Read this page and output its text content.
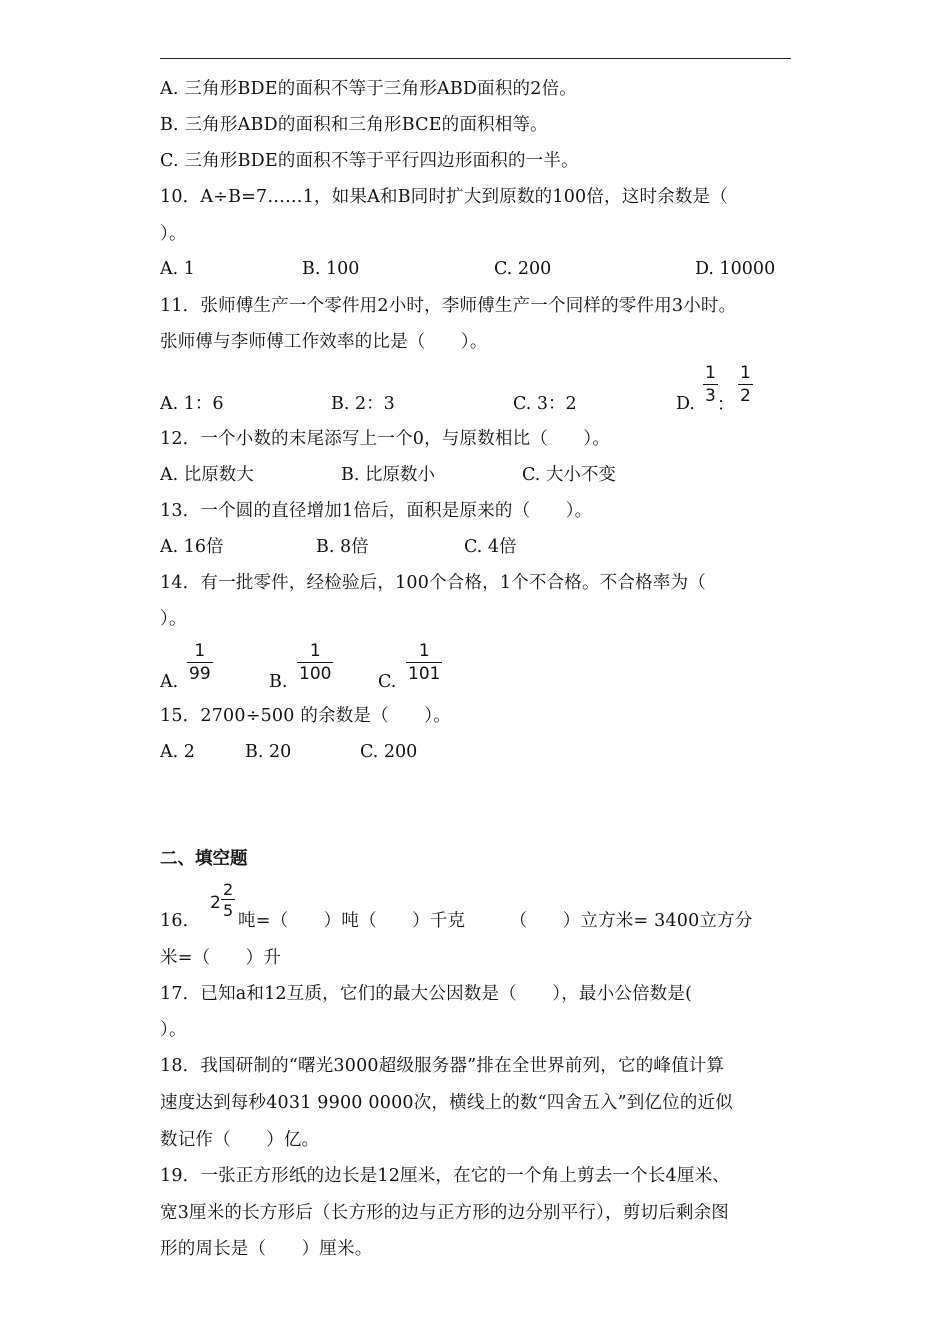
A. 三角形BDE的面积不等于三角形ABD面积的2倍。
B. 三角形ABD的面积和三角形BCE的面积相等。
C. 三角形BDE的面积不等于平行四边形面积的一半。
10．A÷B=7……1，如果A和B同时扩大到原数的100倍，这时余数是（
）。
A. 1	B. 100	C. 200	D. 10000
11．张师傅生产一个零件用2小时，李师傅生产一个同样的零件用3小时。
张师傅与李师傅工作效率的比是（　　）。
A. 1：6	B. 2：3	C. 3：2	D.
1
3 ：
1
2
12．一个小数的末尾添写上一个0，与原数相比（　　）。
A. 比原数大	B. 比原数小	C. 大小不变
13．一个圆的直径增加1倍后，面积是原来的（　　）。
A. 16倍	B. 8倍	C. 4倍
14．有一批零件，经检验后，100个合格，1个不合格。不合格率为（
）。
A.
1
99	B.
1
100	C.
1
101
15．2700÷500 的余数是（　　）。
A. 2	B. 20	C. 200
二、填空题
16．
2
2
5
吨=（　　）吨（　　）千克　　　（　　）立方米= 3400立方分
米=（　　）升
17．已知a和12互质，它们的最大公因数是（　　），最小公倍数是(
）。
18．我国研制的“曙光3000超级服务器”排在全世界前列，它的峰值计算
速度达到每秒4031 9900 0000次，横线上的数“四舍五入”到亿位的近似
数记作（　　）亿。
19．一张正方形纸的边长是12厘米，在它的一个角上剪去一个长4厘米、
宽3厘米的长方形后（长方形的边与正方形的边分别平行），剪切后剩余图
形的周长是（　　）厘米。
